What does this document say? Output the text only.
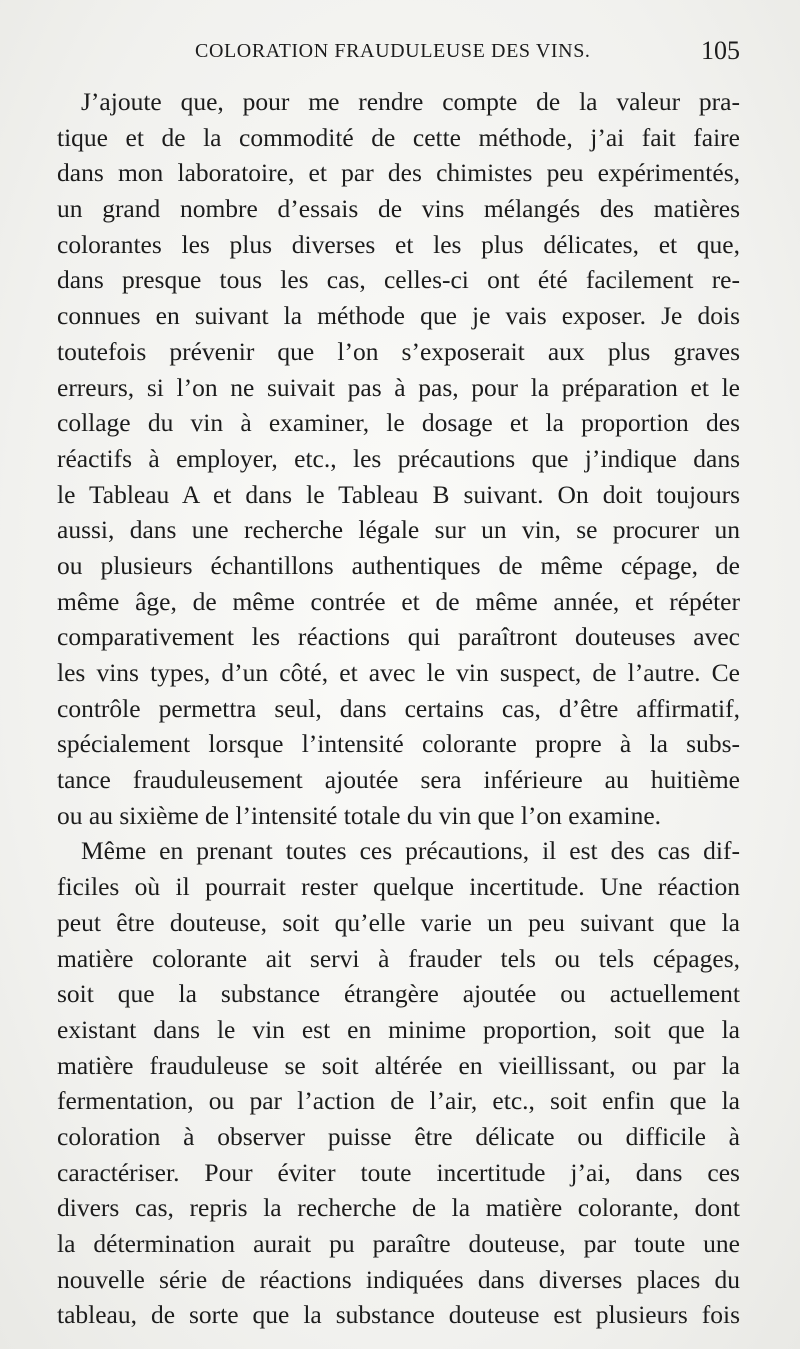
COLORATION FRAUDULEUSE DES VINS.	105
J’ajoute que, pour me rendre compte de la valeur pra-
tique et de la commodité de cette méthode, j’ai fait faire
dans mon laboratoire, et par des chimistes peu expérimentés,
un grand nombre d’essais de vins mélangés des matières
colorantes les plus diverses et les plus délicates, et que,
dans presque tous les cas, celles-ci ont été facilement re-
connues en suivant la méthode que je vais exposer. Je dois
toutefois prévenir que l’on s’exposerait aux plus graves
erreurs, si l’on ne suivait pas à pas, pour la préparation et le
collage du vin à examiner, le dosage et la proportion des
réactifs à employer, etc., les précautions que j’indique dans
le Tableau A et dans le Tableau B suivant. On doit toujours
aussi, dans une recherche légale sur un vin, se procurer un
ou plusieurs échantillons authentiques de même cépage, de
même âge, de même contrée et de même année, et répéter
comparativement les réactions qui paraîtront douteuses avec
les vins types, d’un côté, et avec le vin suspect, de l’autre. Ce
contrôle permettra seul, dans certains cas, d’être affirmatif,
spécialement lorsque l’intensité colorante propre à la subs-
tance frauduleusement ajoutée sera inférieure au huitième
ou au sixième de l’intensité totale du vin que l’on examine.
Même en prenant toutes ces précautions, il est des cas dif-
ficiles où il pourrait rester quelque incertitude. Une réaction
peut être douteuse, soit qu’elle varie un peu suivant que la
matière colorante ait servi à frauder tels ou tels cépages,
soit que la substance étrangère ajoutée ou actuellement
existant dans le vin est en minime proportion, soit que la
matière frauduleuse se soit altérée en vieillissant, ou par la
fermentation, ou par l’action de l’air, etc., soit enfin que la
coloration à observer puisse être délicate ou difficile à
caractériser. Pour éviter toute incertitude j’ai, dans ces
divers cas, repris la recherche de la matière colorante, dont
la détermination aurait pu paraître douteuse, par toute une
nouvelle série de réactions indiquées dans diverses places du
tableau, de sorte que la substance douteuse est plusieurs fois
